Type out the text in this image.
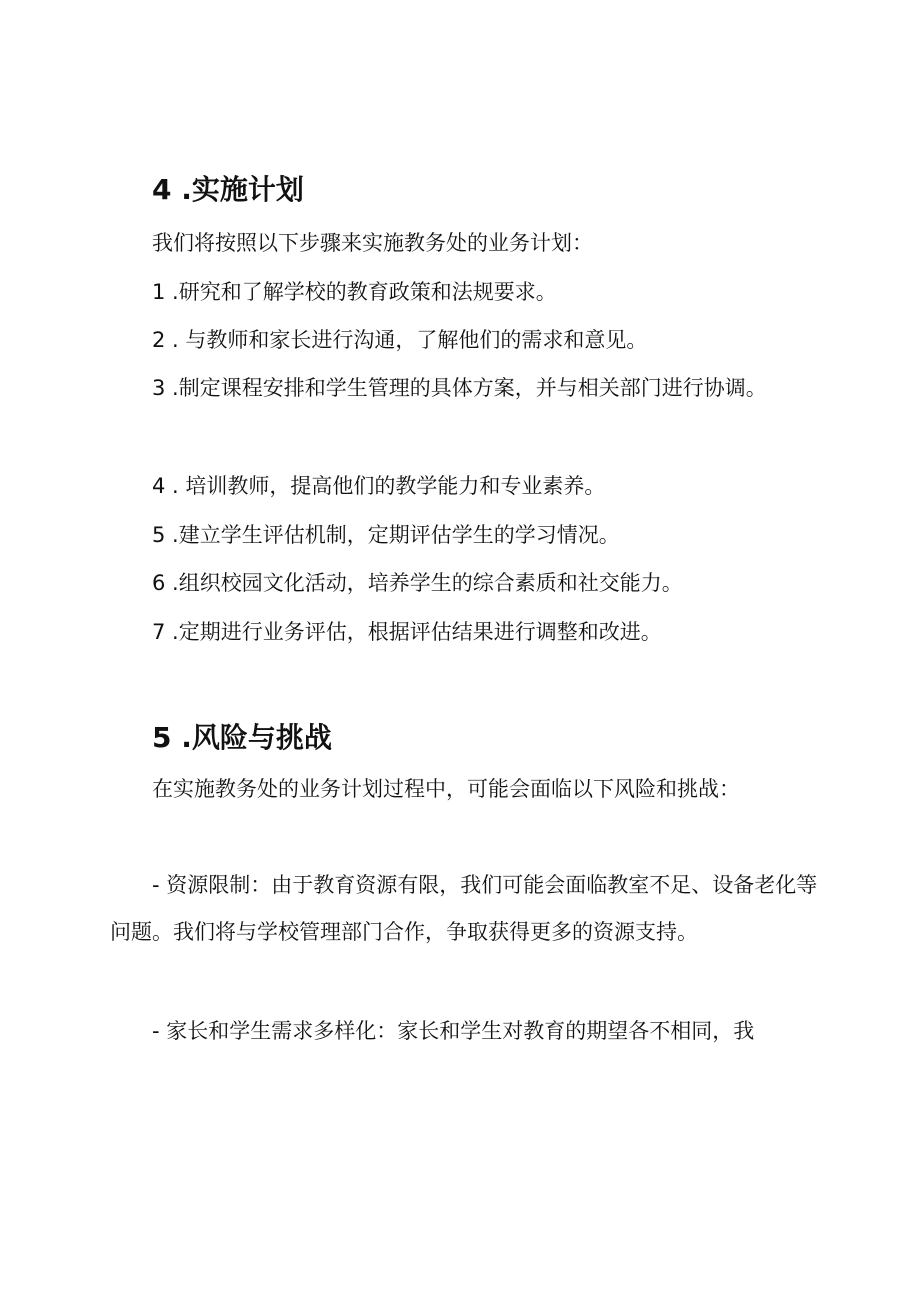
4 .实施计划
我们将按照以下步骤来实施教务处的业务计划：
1 .研究和了解学校的教育政策和法规要求。
2 . 与教师和家长进行沟通，了解他们的需求和意见。
3 .制定课程安排和学生管理的具体方案，并与相关部门进行协调。
4 . 培训教师，提高他们的教学能力和专业素养。
5 .建立学生评估机制，定期评估学生的学习情况。
6 .组织校园文化活动，培养学生的综合素质和社交能力。
7 .定期进行业务评估，根据评估结果进行调整和改进。
5 .风险与挑战
在实施教务处的业务计划过程中，可能会面临以下风险和挑战：
- 资源限制：由于教育资源有限，我们可能会面临教室不足、设备老化等问题。我们将与学校管理部门合作，争取获得更多的资源支持。
- 家长和学生需求多样化：家长和学生对教育的期望各不相同，我
